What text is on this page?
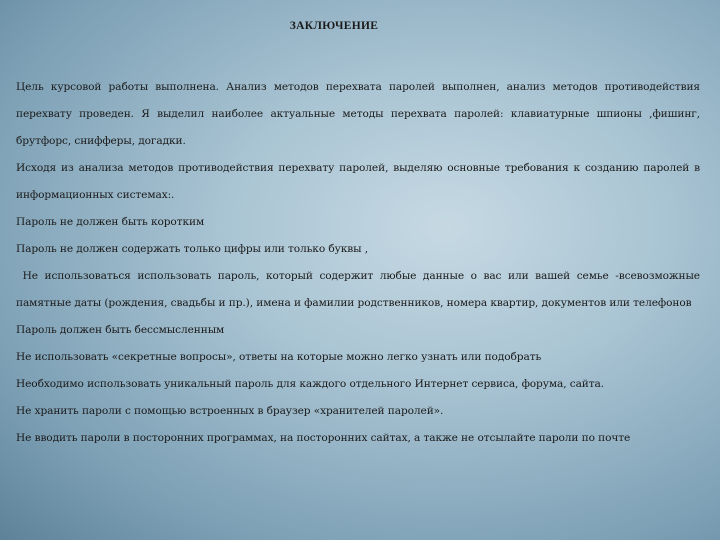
ЗАКЛЮЧЕНИЕ

Цель курсовой работы выполнена. Анализ методов перехвата паролей выполнен, анализ методов противодействия перехвату проведен. Я выделил наиболее актуальные методы перехвата паролей: клавиатурные шпионы ,фишинг, брутфорс, снифферы, догадки.

Исходя из анализа методов противодействия перехвату паролей, выделяю основные требования к созданию паролей в информационных системах:.

Пароль не должен быть коротким

Пароль не должен содержать только цифры или только буквы ,

Не использоваться использовать пароль, который содержит любые данные о вас или вашей семье -всевозможные памятные даты (рождения, свадьбы и пр.), имена и фамилии родственников, номера квартир, документов или телефонов

Пароль должен быть бессмысленным

Не использовать «секретные вопросы», ответы на которые можно легко узнать или подобрать

Необходимо использовать уникальный пароль для каждого отдельного Интернет сервиса, форума, сайта.

Не хранить пароли с помощью встроенных в браузер «хранителей паролей».

Не вводить пароли в посторонних программах, на посторонних сайтах, а также не отсылайте пароли по почте
